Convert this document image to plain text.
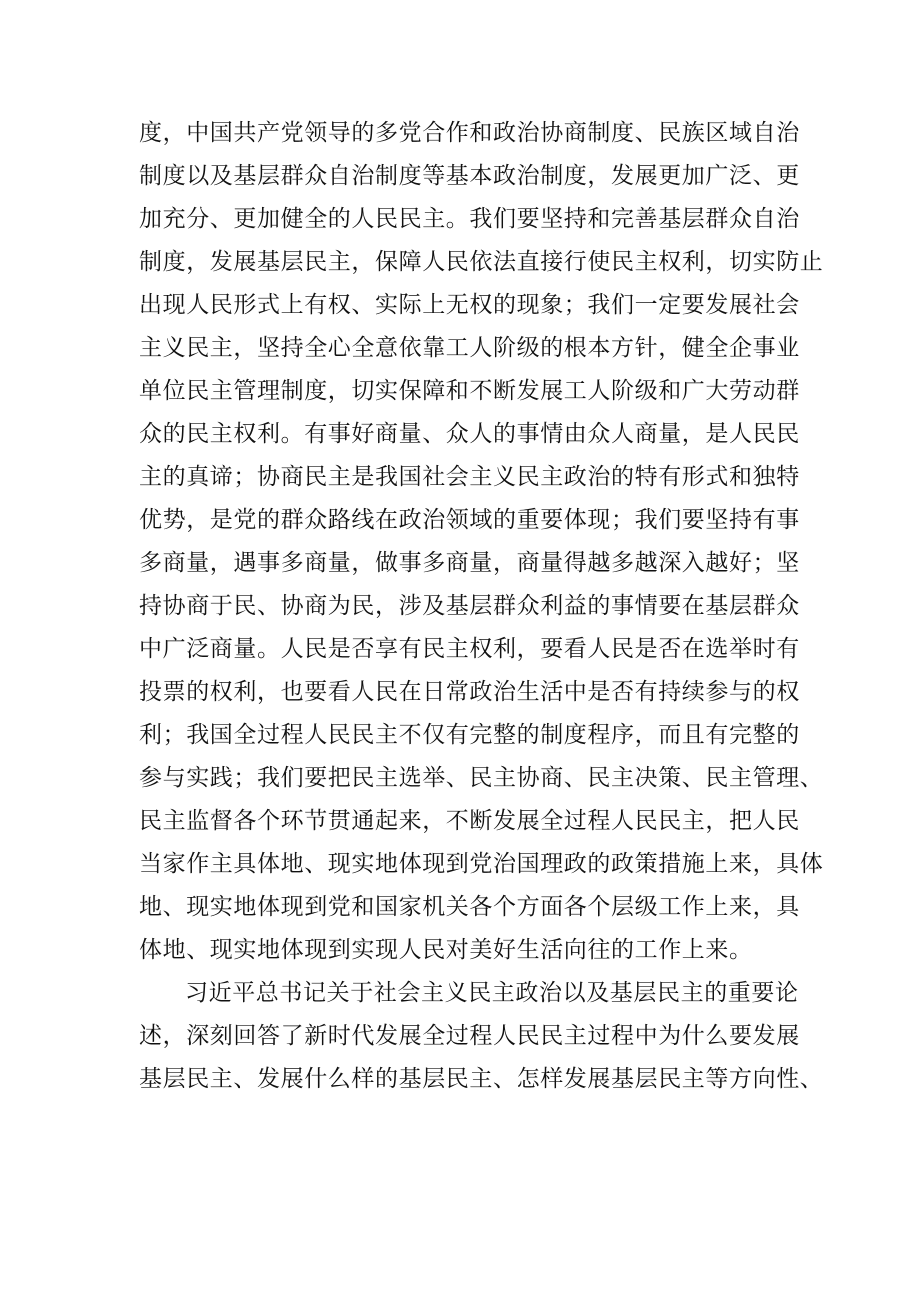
度，中国共产党领导的多党合作和政治协商制度、民族区域自治
制度以及基层群众自治制度等基本政治制度，发展更加广泛、更
加充分、更加健全的人民民主。我们要坚持和完善基层群众自治
制度，发展基层民主，保障人民依法直接行使民主权利，切实防止
出现人民形式上有权、实际上无权的现象；我们一定要发展社会
主义民主，坚持全心全意依靠工人阶级的根本方针，健全企事业
单位民主管理制度，切实保障和不断发展工人阶级和广大劳动群
众的民主权利。有事好商量、众人的事情由众人商量，是人民民
主的真谛；协商民主是我国社会主义民主政治的特有形式和独特
优势，是党的群众路线在政治领域的重要体现；我们要坚持有事
多商量，遇事多商量，做事多商量，商量得越多越深入越好；坚
持协商于民、协商为民，涉及基层群众利益的事情要在基层群众
中广泛商量。人民是否享有民主权利，要看人民是否在选举时有
投票的权利，也要看人民在日常政治生活中是否有持续参与的权
利；我国全过程人民民主不仅有完整的制度程序，而且有完整的
参与实践；我们要把民主选举、民主协商、民主决策、民主管理、
民主监督各个环节贯通起来，不断发展全过程人民民主，把人民
当家作主具体地、现实地体现到党治国理政的政策措施上来，具体
地、现实地体现到党和国家机关各个方面各个层级工作上来，具
体地、现实地体现到实现人民对美好生活向往的工作上来。
习近平总书记关于社会主义民主政治以及基层民主的重要论
述，深刻回答了新时代发展全过程人民民主过程中为什么要发展
基层民主、发展什么样的基层民主、怎样发展基层民主等方向性、
